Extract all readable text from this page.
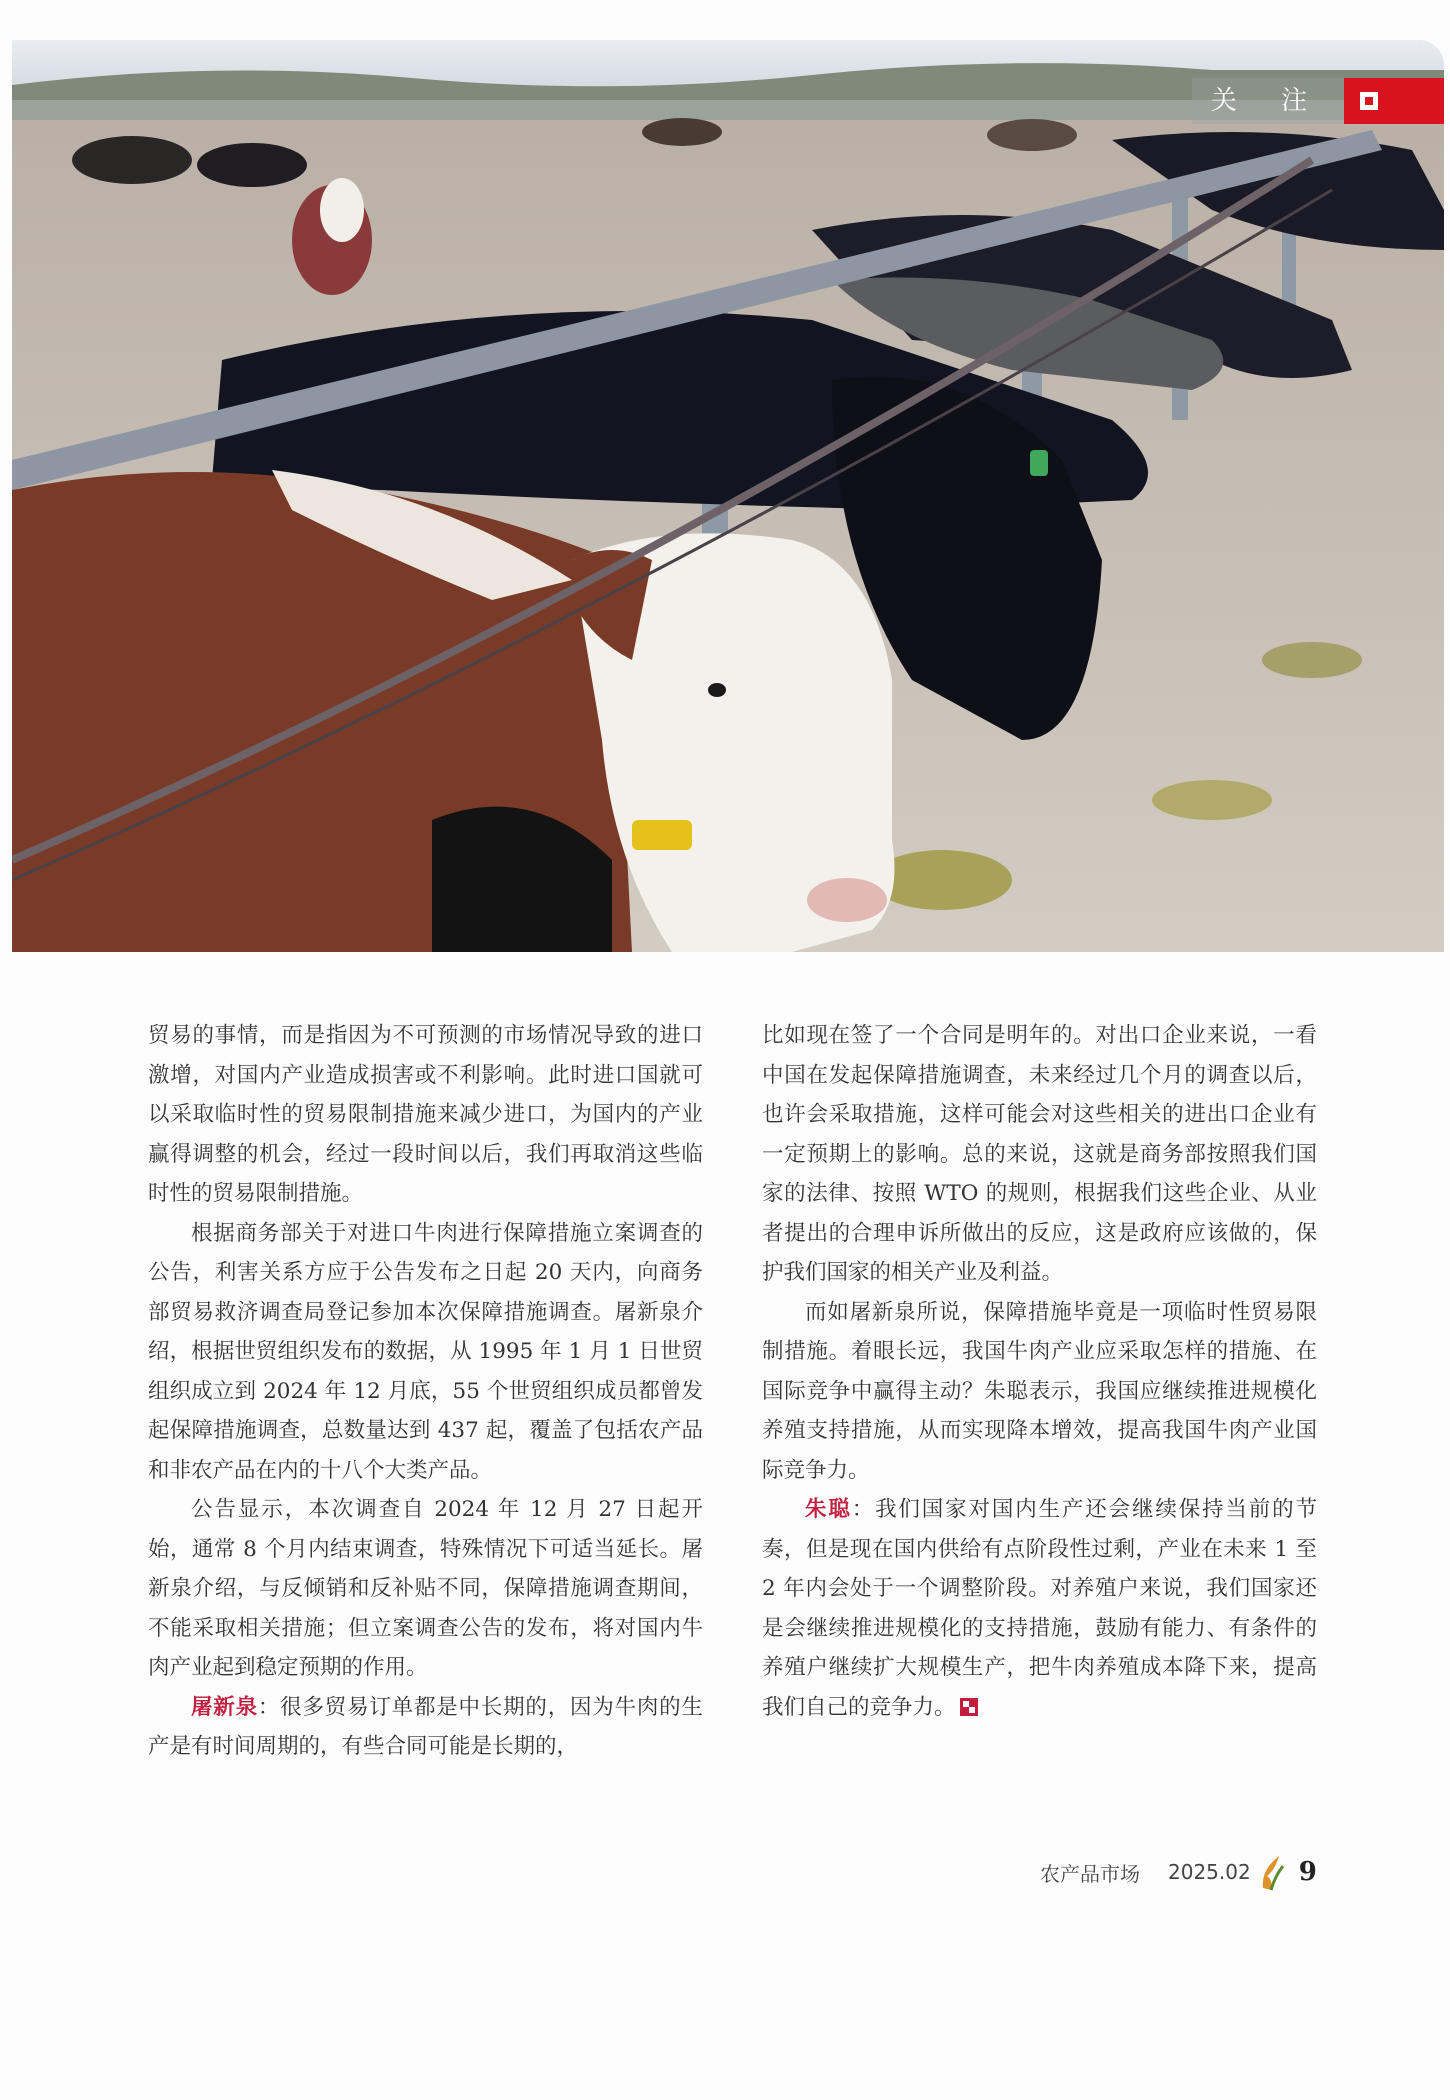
关 注

贸易的事情，而是指因为不可预测的市场情况导致的进口激增，对国内产业造成损害或不利影响。此时进口国就可以采取临时性的贸易限制措施来减少进口，为国内的产业赢得调整的机会，经过一段时间以后，我们再取消这些临时性的贸易限制措施。

根据商务部关于对进口牛肉进行保障措施立案调查的公告，利害关系方应于公告发布之日起 20 天内，向商务部贸易救济调查局登记参加本次保障措施调查。屠新泉介绍，根据世贸组织发布的数据，从 1995 年 1 月 1 日世贸组织成立到 2024 年 12 月底，55 个世贸组织成员都曾发起保障措施调查，总数量达到 437 起，覆盖了包括农产品和非农产品在内的十八个大类产品。

公告显示，本次调查自 2024 年 12 月 27 日起开始，通常 8 个月内结束调查，特殊情况下可适当延长。屠新泉介绍，与反倾销和反补贴不同，保障措施调查期间，不能采取相关措施；但立案调查公告的发布，将对国内牛肉产业起到稳定预期的作用。

屠新泉：很多贸易订单都是中长期的，因为牛肉的生产是有时间周期的，有些合同可能是长期的，

比如现在签了一个合同是明年的。对出口企业来说，一看中国在发起保障措施调查，未来经过几个月的调查以后，也许会采取措施，这样可能会对这些相关的进出口企业有一定预期上的影响。总的来说，这就是商务部按照我们国家的法律、按照 WTO 的规则，根据我们这些企业、从业者提出的合理申诉所做出的反应，这是政府应该做的，保护我们国家的相关产业及利益。

而如屠新泉所说，保障措施毕竟是一项临时性贸易限制措施。着眼长远，我国牛肉产业应采取怎样的措施、在国际竞争中赢得主动？朱聪表示，我国应继续推进规模化养殖支持措施，从而实现降本增效，提高我国牛肉产业国际竞争力。

朱聪：我们国家对国内生产还会继续保持当前的节奏，但是现在国内供给有点阶段性过剩，产业在未来 1 至 2 年内会处于一个调整阶段。对养殖户来说，我们国家还是会继续推进规模化的支持措施，鼓励有能力、有条件的养殖户继续扩大规模生产，把牛肉养殖成本降下来，提高我们自己的竞争力。

农产品市场 2025.02 9
